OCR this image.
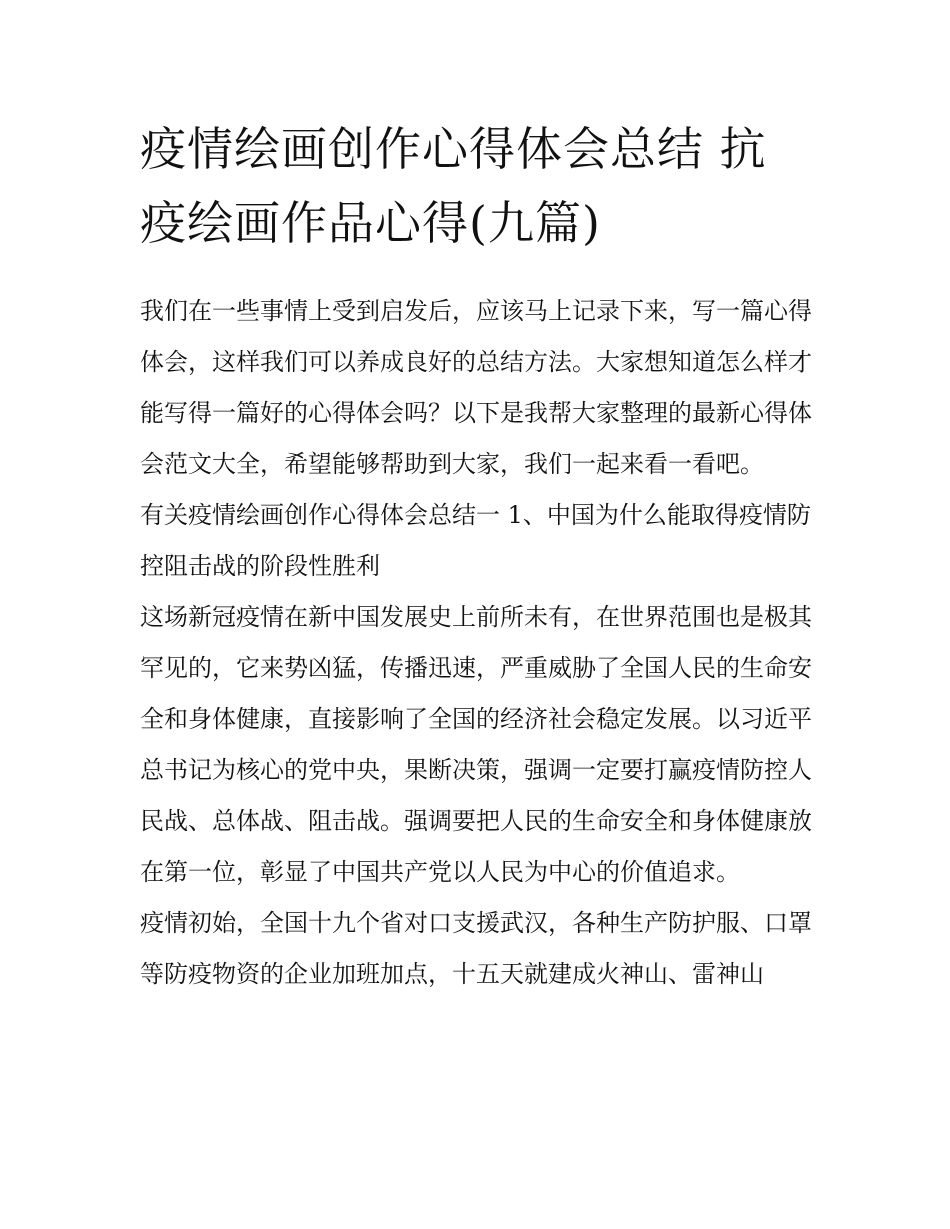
疫情绘画创作心得体会总结 抗疫绘画作品心得(九篇)

我们在一些事情上受到启发后，应该马上记录下来，写一篇心得体会，这样我们可以养成良好的总结方法。大家想知道怎么样才能写得一篇好的心得体会吗？以下是我帮大家整理的最新心得体会范文大全，希望能够帮助到大家，我们一起来看一看吧。

有关疫情绘画创作心得体会总结一 1、中国为什么能取得疫情防控阻击战的阶段性胜利

这场新冠疫情在新中国发展史上前所未有，在世界范围也是极其罕见的，它来势凶猛，传播迅速，严重威胁了全国人民的生命安全和身体健康，直接影响了全国的经济社会稳定发展。以习近平总书记为核心的党中央，果断决策，强调一定要打赢疫情防控人民战、总体战、阻击战。强调要把人民的生命安全和身体健康放在第一位，彰显了中国共产党以人民为中心的价值追求。

疫情初始，全国十九个省对口支援武汉，各种生产防护服、口罩等防疫物资的企业加班加点，十五天就建成火神山、雷神山
